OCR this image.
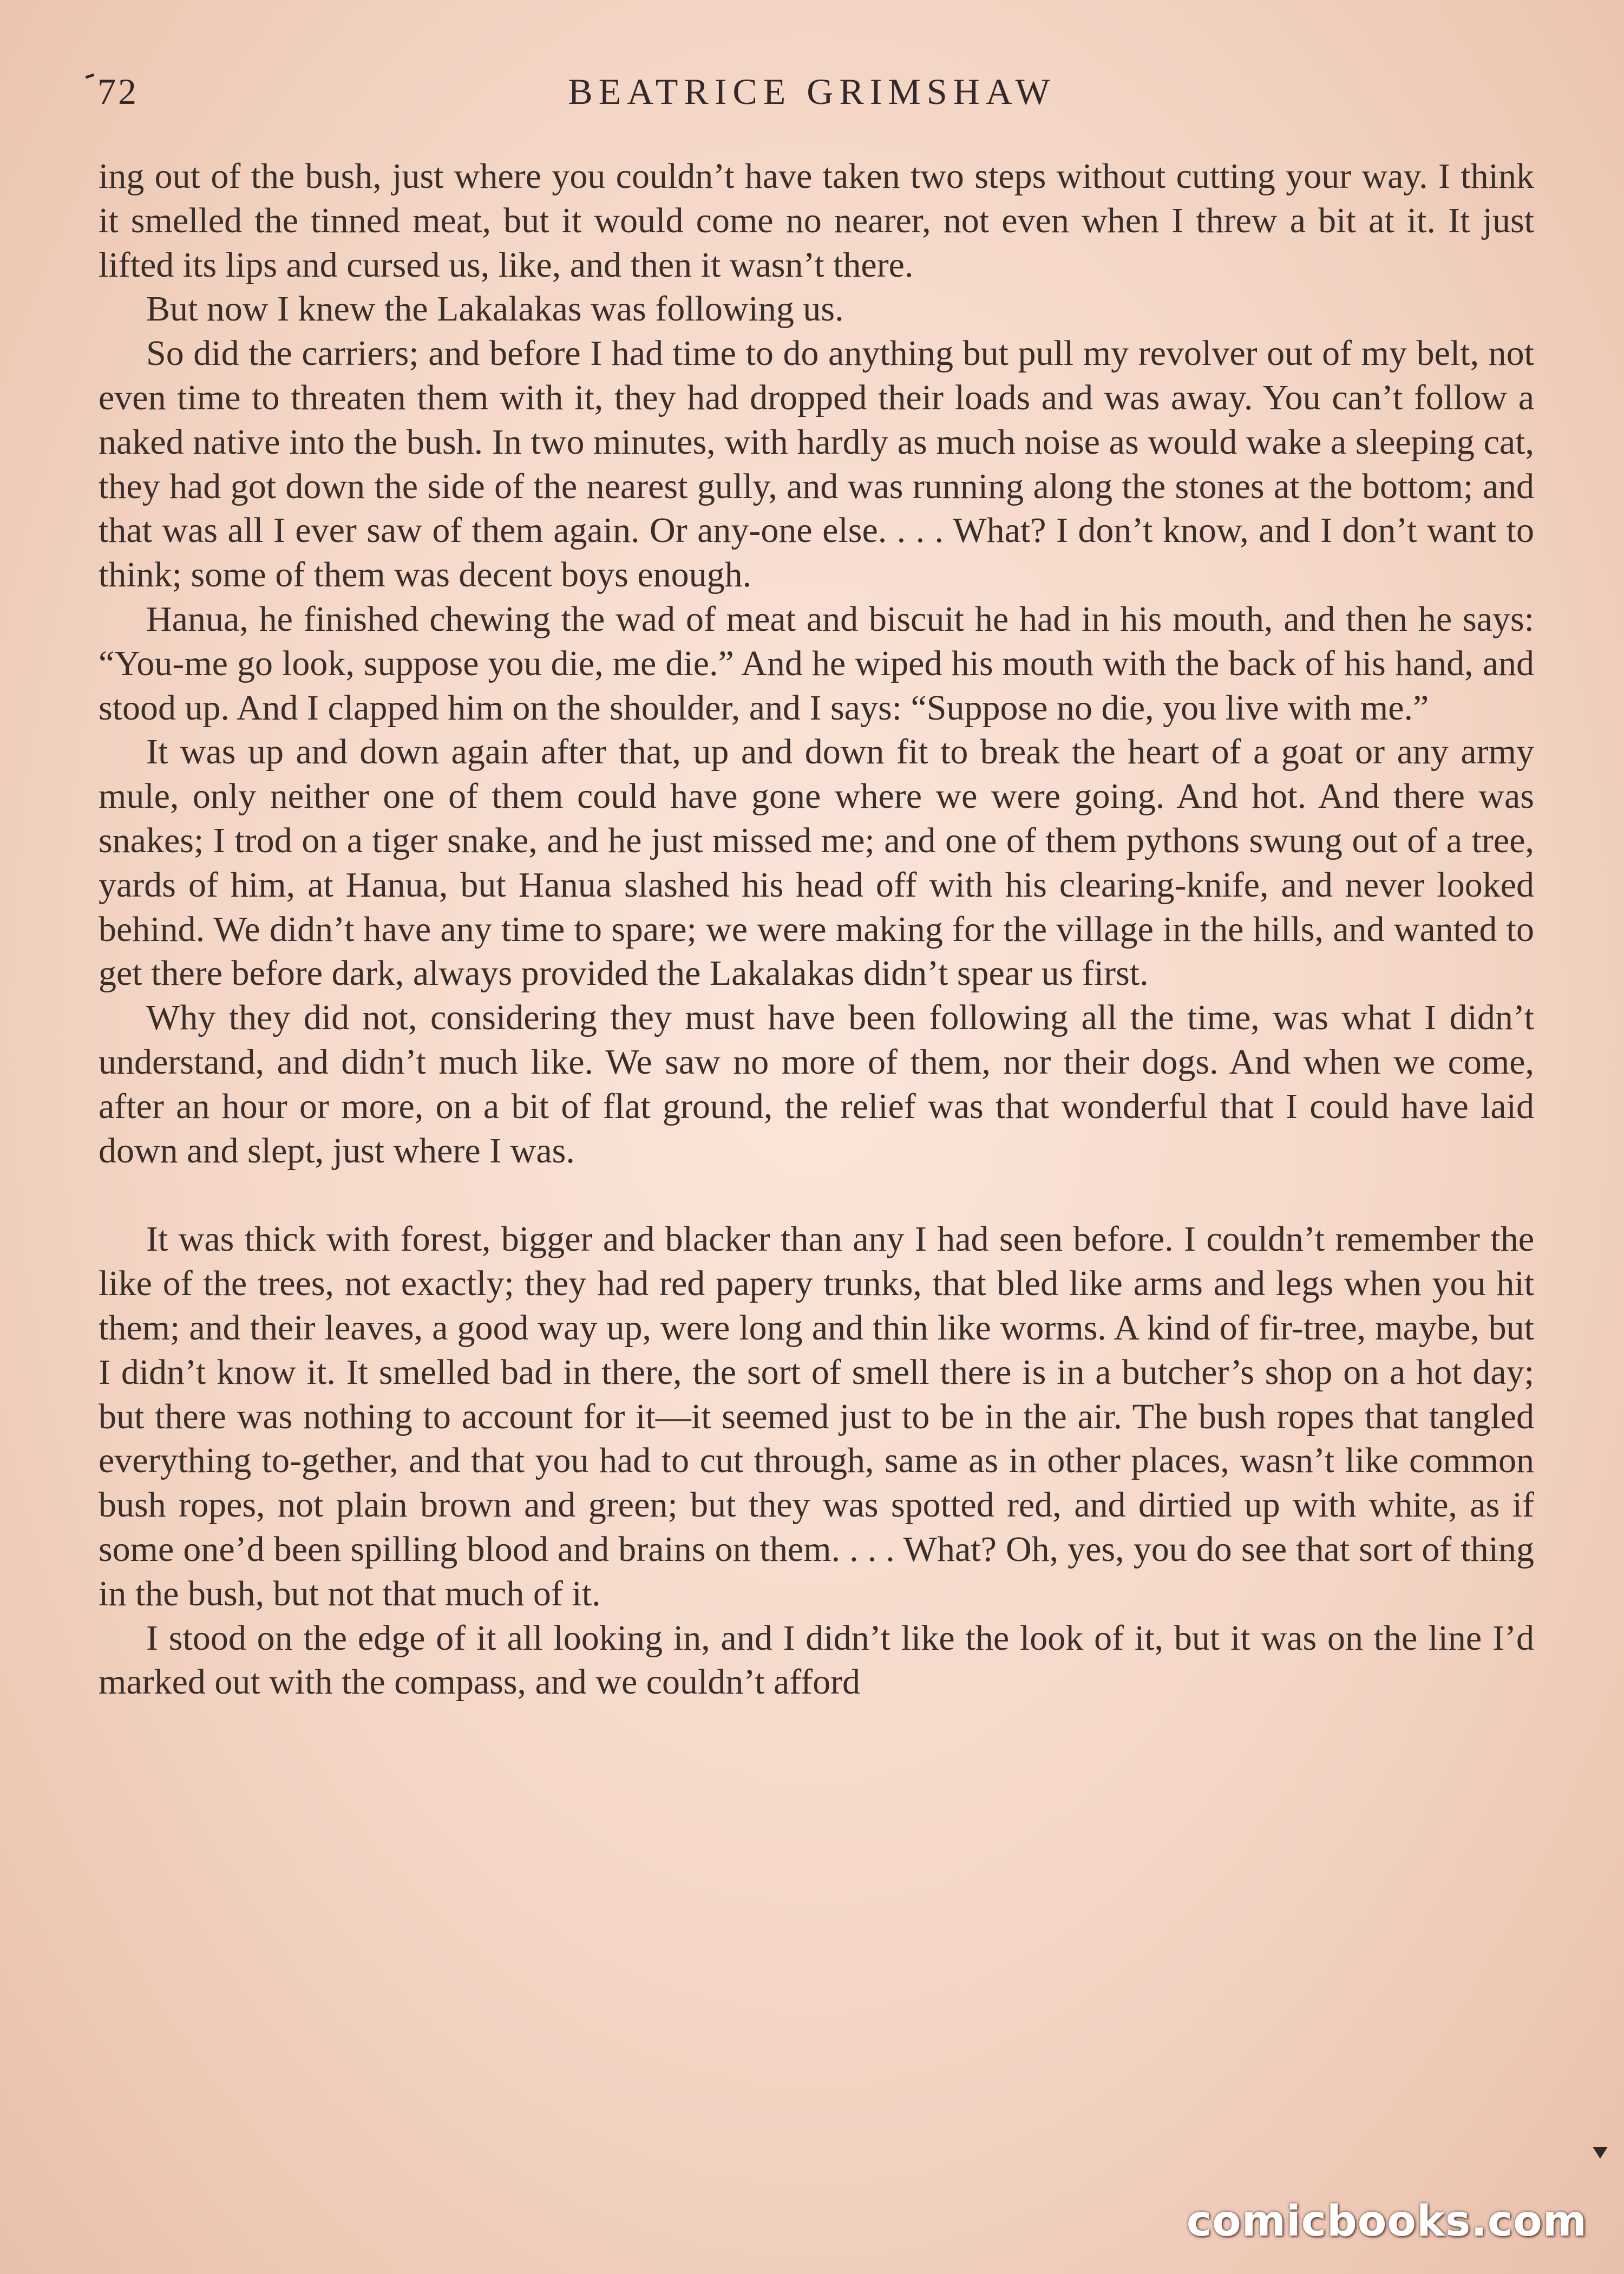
72	BEATRICE GRIMSHAW

ing out of the bush, just where you couldn’t have taken two steps without cutting your way. I think it smelled the tinned meat, but it would come no nearer, not even when I threw a bit at it. It just lifted its lips and cursed us, like, and then it wasn’t there.

But now I knew the Lakalakas was following us.

So did the carriers; and before I had time to do anything but pull my revolver out of my belt, not even time to threaten them with it, they had dropped their loads and was away. You can’t follow a naked native into the bush. In two minutes, with hardly as much noise as would wake a sleeping cat, they had got down the side of the nearest gully, and was running along the stones at the bottom; and that was all I ever saw of them again. Or any-one else. . . . What? I don’t know, and I don’t want to think; some of them was decent boys enough.

Hanua, he finished chewing the wad of meat and biscuit he had in his mouth, and then he says: “You-me go look, suppose you die, me die.” And he wiped his mouth with the back of his hand, and stood up. And I clapped him on the shoulder, and I says: “Suppose no die, you live with me.”

It was up and down again after that, up and down fit to break the heart of a goat or any army mule, only neither one of them could have gone where we were going. And hot. And there was snakes; I trod on a tiger snake, and he just missed me; and one of them pythons swung out of a tree, yards of him, at Hanua, but Hanua slashed his head off with his clearing-knife, and never looked behind. We didn’t have any time to spare; we were making for the village in the hills, and wanted to get there before dark, always provided the Lakalakas didn’t spear us first.

Why they did not, considering they must have been following all the time, was what I didn’t understand, and didn’t much like. We saw no more of them, nor their dogs. And when we come, after an hour or more, on a bit of flat ground, the relief was that wonderful that I could have laid down and slept, just where I was.

It was thick with forest, bigger and blacker than any I had seen before. I couldn’t remember the like of the trees, not exactly; they had red papery trunks, that bled like arms and legs when you hit them; and their leaves, a good way up, were long and thin like worms. A kind of fir-tree, maybe, but I didn’t know it. It smelled bad in there, the sort of smell there is in a butcher’s shop on a hot day; but there was nothing to account for it—it seemed just to be in the air. The bush ropes that tangled everything to-gether, and that you had to cut through, same as in other places, wasn’t like common bush ropes, not plain brown and green; but they was spotted red, and dirtied up with white, as if some one’d been spilling blood and brains on them. . . . What? Oh, yes, you do see that sort of thing in the bush, but not that much of it.

I stood on the edge of it all looking in, and I didn’t like the look of it, but it was on the line I’d marked out with the compass, and we couldn’t afford

comicbooks.com
